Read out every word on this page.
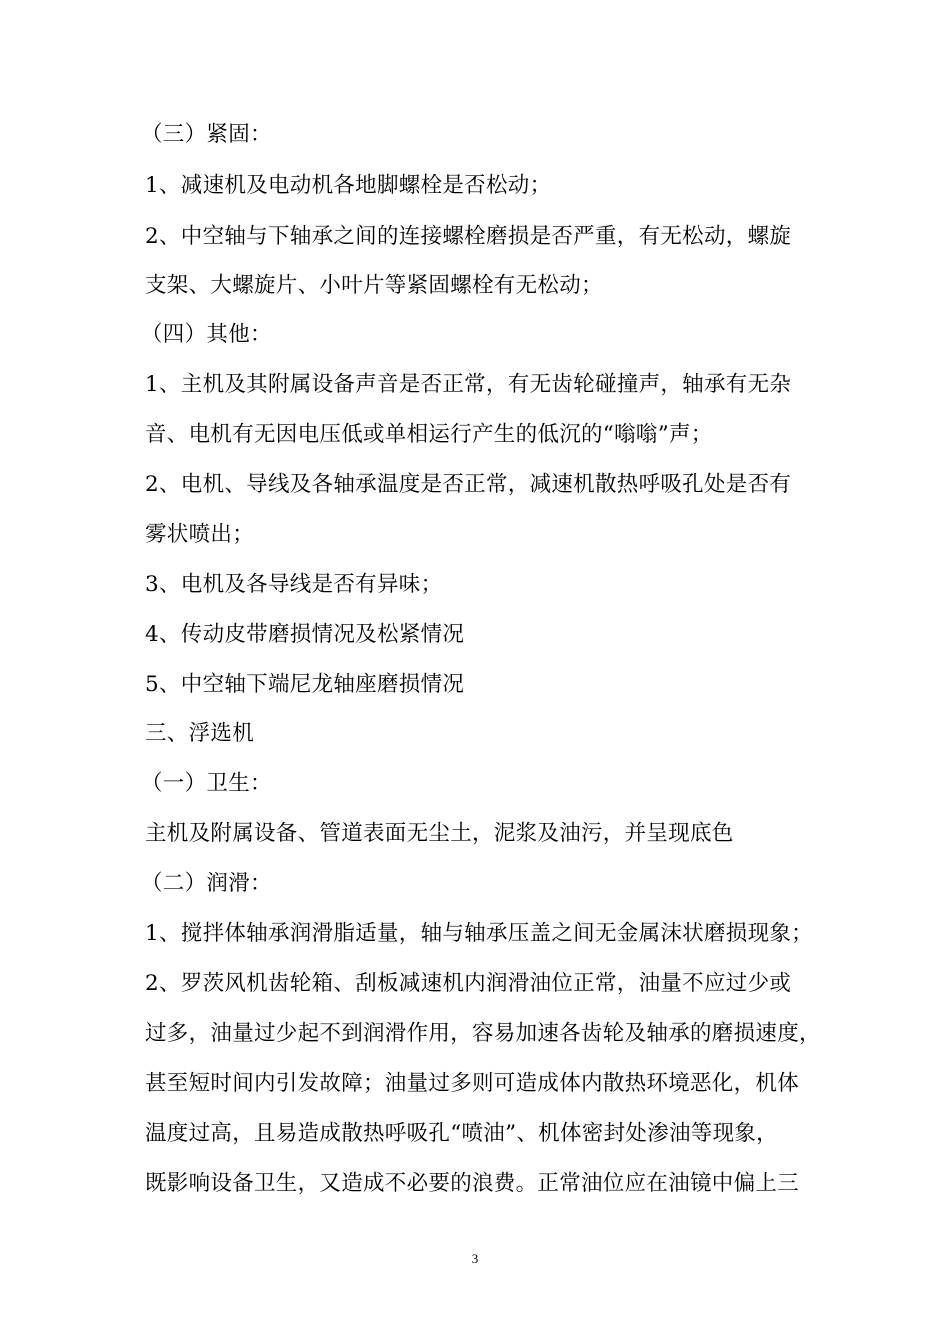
（三）紧固：
1、减速机及电动机各地脚螺栓是否松动；
2、中空轴与下轴承之间的连接螺栓磨损是否严重，有无松动，螺旋
支架、大螺旋片、小叶片等紧固螺栓有无松动；
（四）其他：
1、主机及其附属设备声音是否正常，有无齿轮碰撞声，轴承有无杂
音、电机有无因电压低或单相运行产生的低沉的“嗡嗡”声；
2、电机、导线及各轴承温度是否正常，减速机散热呼吸孔处是否有
雾状喷出；
3、电机及各导线是否有异味；
4、传动皮带磨损情况及松紧情况
5、中空轴下端尼龙轴座磨损情况
三、浮选机
（一）卫生：
主机及附属设备、管道表面无尘土，泥浆及油污，并呈现底色
（二）润滑：
1、搅拌体轴承润滑脂适量，轴与轴承压盖之间无金属沫状磨损现象；
2、罗茨风机齿轮箱、刮板减速机内润滑油位正常，油量不应过少或
过多，油量过少起不到润滑作用，容易加速各齿轮及轴承的磨损速度，
甚至短时间内引发故障；油量过多则可造成体内散热环境恶化，机体
温度过高，且易造成散热呼吸孔“喷油”、机体密封处渗油等现象，
既影响设备卫生，又造成不必要的浪费。正常油位应在油镜中偏上三
3
